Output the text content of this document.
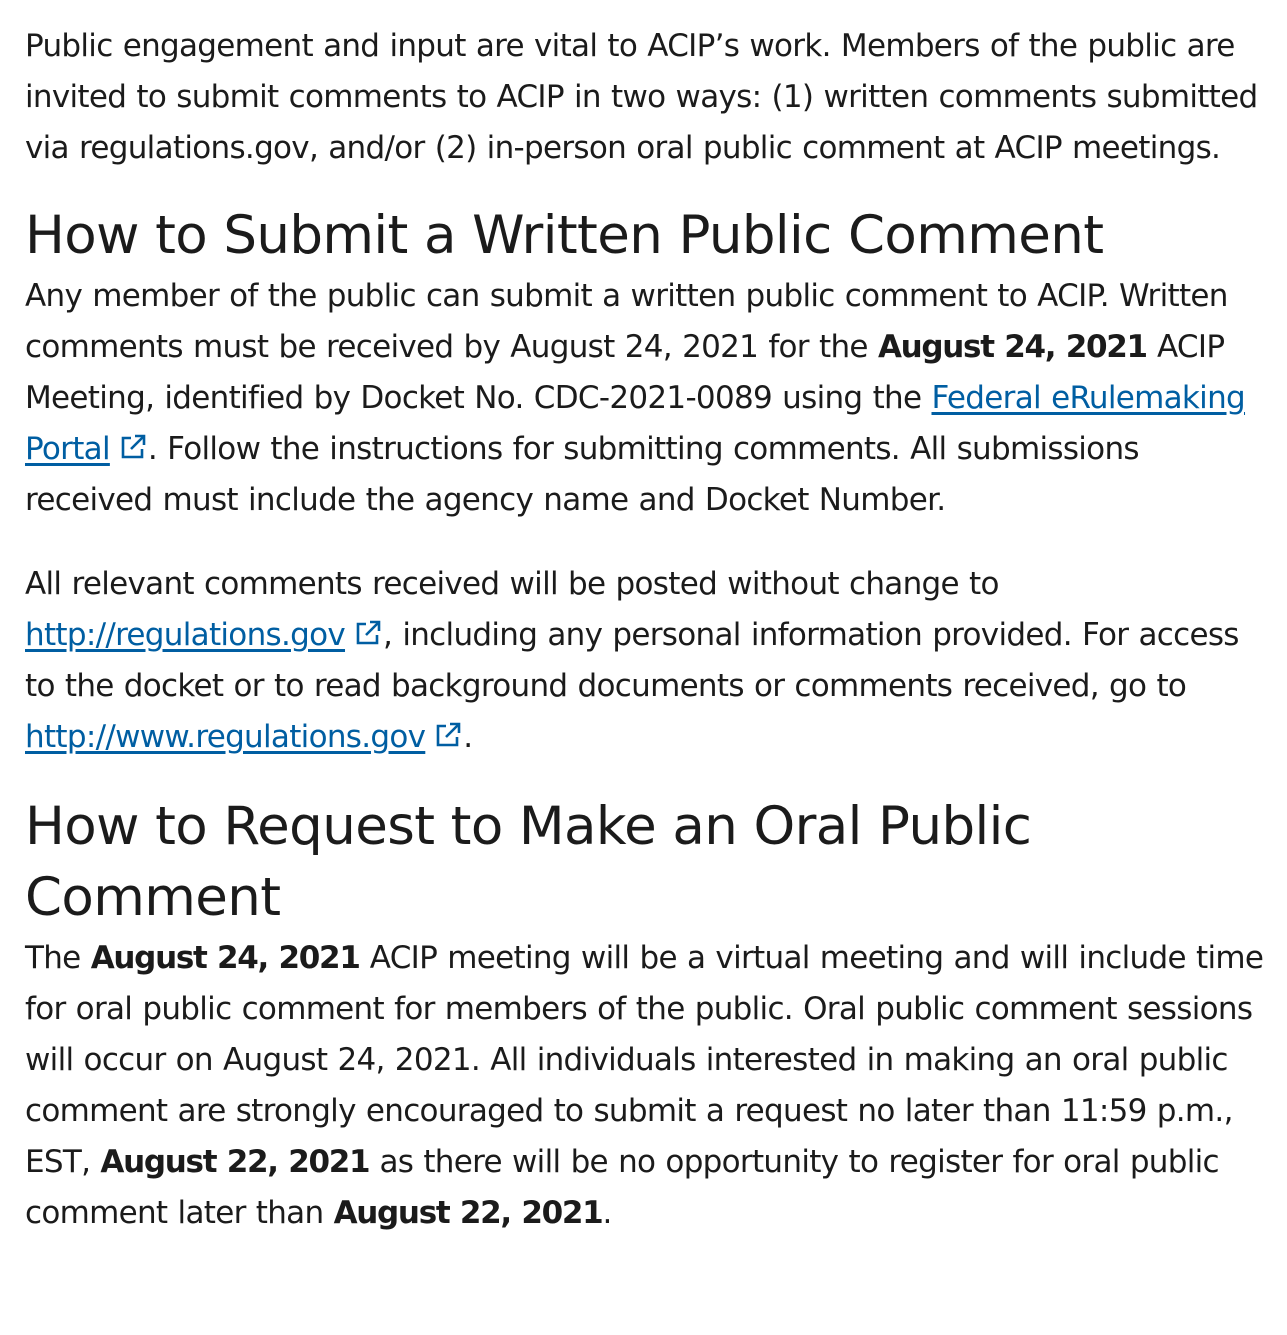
Public engagement and input are vital to ACIP’s work. Members of the public are invited to submit comments to ACIP in two ways: (1) written comments submitted via regulations.gov, and/or (2) in-person oral public comment at ACIP meetings.

How to Submit a Written Public Comment

Any member of the public can submit a written public comment to ACIP. Written comments must be received by August 24, 2021 for the August 24, 2021 ACIP Meeting, identified by Docket No. CDC-2021-0089 using the Federal eRulemaking Portal . Follow the instructions for submitting comments. All submissions received must include the agency name and Docket Number.

All relevant comments received will be posted without change to http://regulations.gov , including any personal information provided. For access to the docket or to read background documents or comments received, go to http://www.regulations.gov .

How to Request to Make an Oral Public Comment

The August 24, 2021 ACIP meeting will be a virtual meeting and will include time for oral public comment for members of the public. Oral public comment sessions will occur on August 24, 2021. All individuals interested in making an oral public comment are strongly encouraged to submit a request no later than 11:59 p.m., EST, August 22, 2021 as there will be no opportunity to register for oral public comment later than August 22, 2021.
